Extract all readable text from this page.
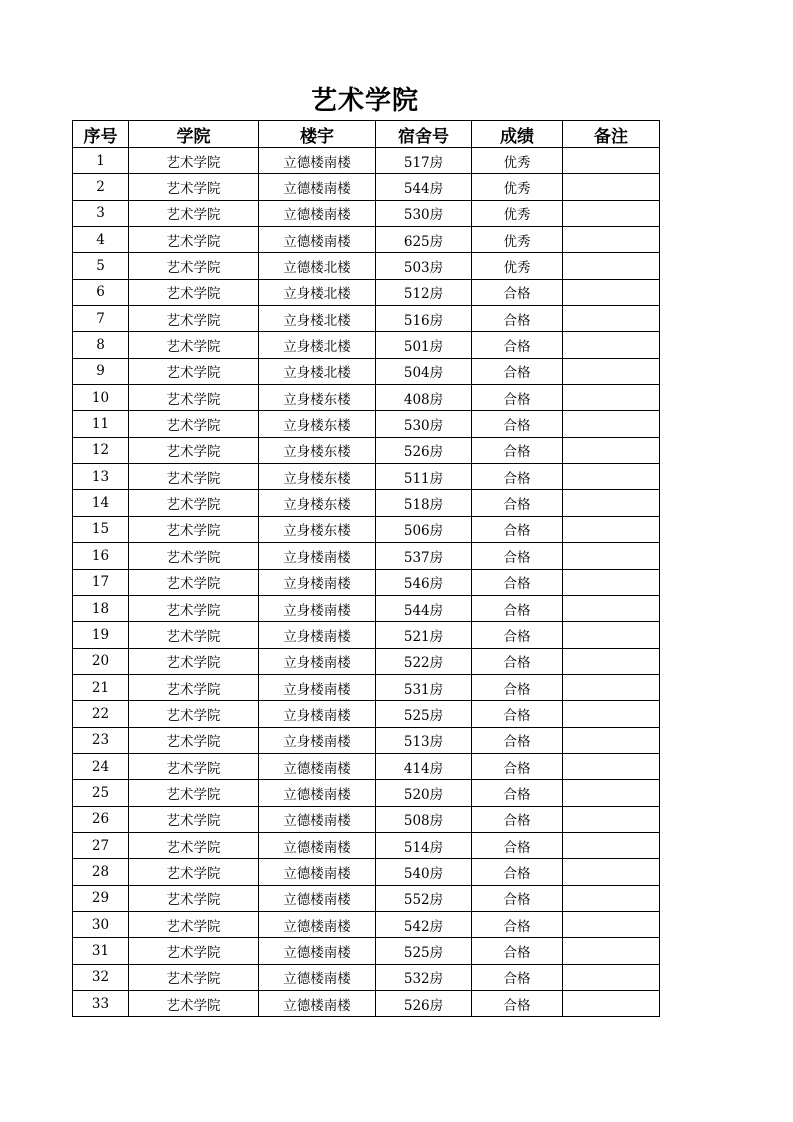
艺术学院
序号	学院	楼宇	宿舍号	成绩	备注
1	艺术学院	立德楼南楼	517房	优秀	
2	艺术学院	立德楼南楼	544房	优秀	
3	艺术学院	立德楼南楼	530房	优秀	
4	艺术学院	立德楼南楼	625房	优秀	
5	艺术学院	立德楼北楼	503房	优秀	
6	艺术学院	立身楼北楼	512房	合格	
7	艺术学院	立身楼北楼	516房	合格	
8	艺术学院	立身楼北楼	501房	合格	
9	艺术学院	立身楼北楼	504房	合格	
10	艺术学院	立身楼东楼	408房	合格	
11	艺术学院	立身楼东楼	530房	合格	
12	艺术学院	立身楼东楼	526房	合格	
13	艺术学院	立身楼东楼	511房	合格	
14	艺术学院	立身楼东楼	518房	合格	
15	艺术学院	立身楼东楼	506房	合格	
16	艺术学院	立身楼南楼	537房	合格	
17	艺术学院	立身楼南楼	546房	合格	
18	艺术学院	立身楼南楼	544房	合格	
19	艺术学院	立身楼南楼	521房	合格	
20	艺术学院	立身楼南楼	522房	合格	
21	艺术学院	立身楼南楼	531房	合格	
22	艺术学院	立身楼南楼	525房	合格	
23	艺术学院	立身楼南楼	513房	合格	
24	艺术学院	立德楼南楼	414房	合格	
25	艺术学院	立德楼南楼	520房	合格	
26	艺术学院	立德楼南楼	508房	合格	
27	艺术学院	立德楼南楼	514房	合格	
28	艺术学院	立德楼南楼	540房	合格	
29	艺术学院	立德楼南楼	552房	合格	
30	艺术学院	立德楼南楼	542房	合格	
31	艺术学院	立德楼南楼	525房	合格	
32	艺术学院	立德楼南楼	532房	合格	
33	艺术学院	立德楼南楼	526房	合格	
